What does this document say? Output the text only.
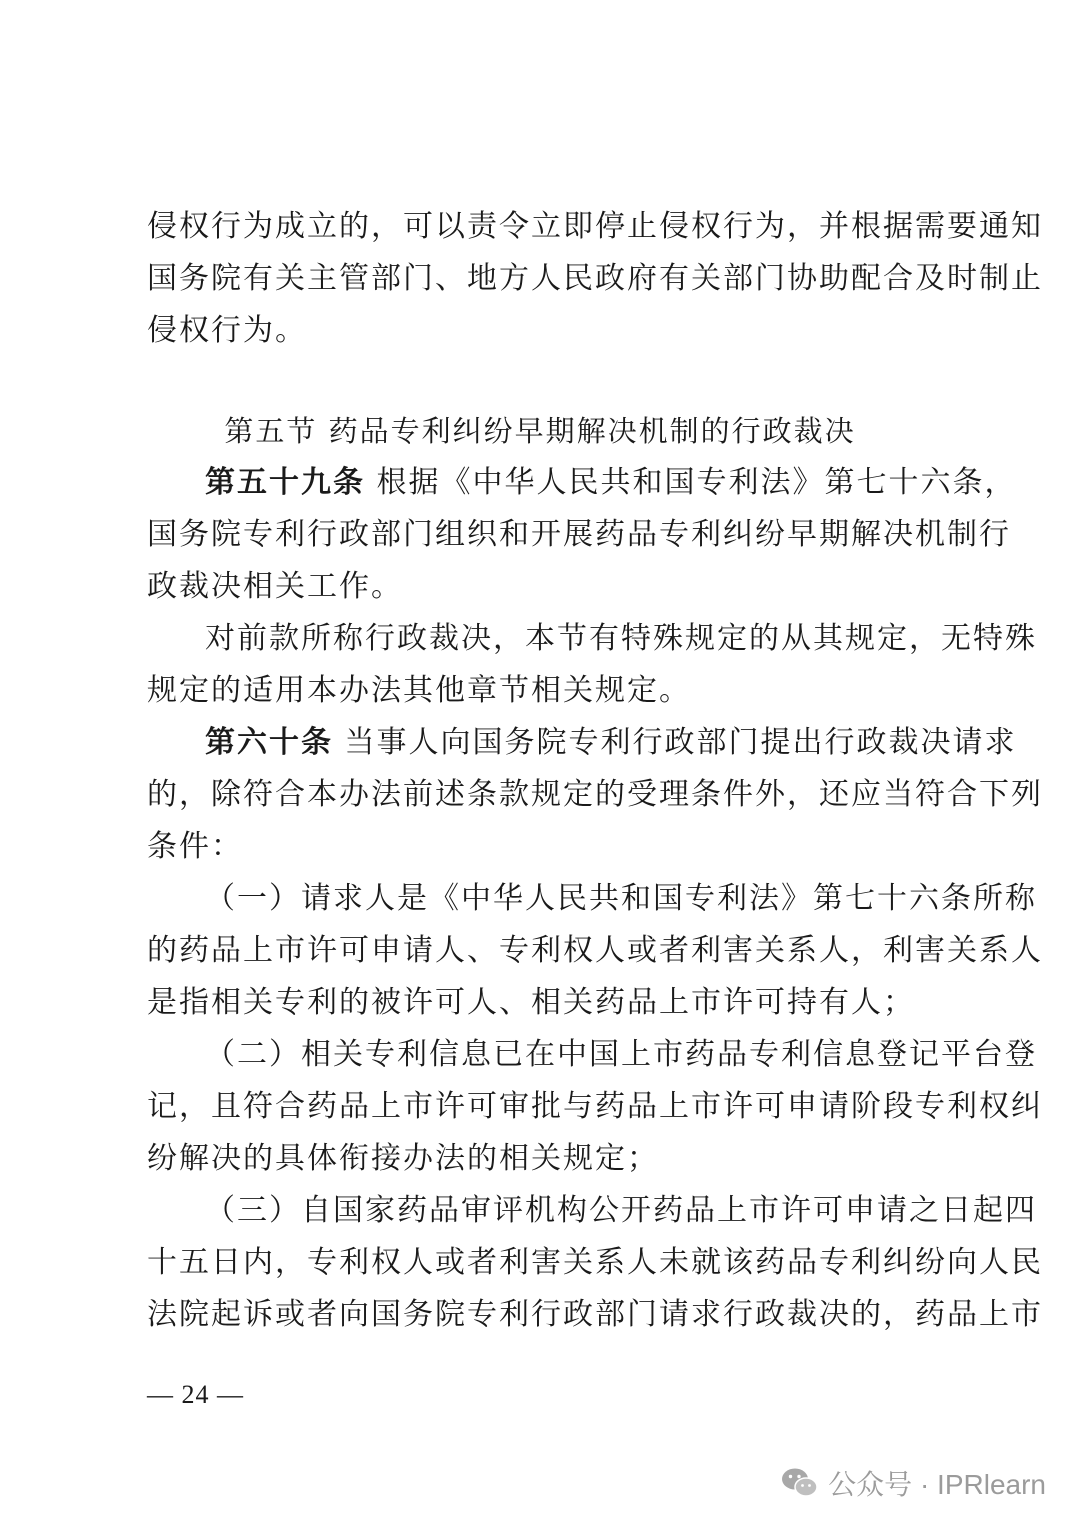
侵权行为成立的，可以责令立即停止侵权行为，并根据需要通知
国务院有关主管部门、地方人民政府有关部门协助配合及时制止
侵权行为。
第五节 药品专利纠纷早期解决机制的行政裁决
第五十九条 根据《中华人民共和国专利法》第七十六条，
国务院专利行政部门组织和开展药品专利纠纷早期解决机制行
政裁决相关工作。
对前款所称行政裁决，本节有特殊规定的从其规定，无特殊
规定的适用本办法其他章节相关规定。
第六十条 当事人向国务院专利行政部门提出行政裁决请求
的，除符合本办法前述条款规定的受理条件外，还应当符合下列
条件：
（一）请求人是《中华人民共和国专利法》第七十六条所称
的药品上市许可申请人、专利权人或者利害关系人，利害关系人
是指相关专利的被许可人、相关药品上市许可持有人；
（二）相关专利信息已在中国上市药品专利信息登记平台登
记，且符合药品上市许可审批与药品上市许可申请阶段专利权纠
纷解决的具体衔接办法的相关规定；
（三）自国家药品审评机构公开药品上市许可申请之日起四
十五日内，专利权人或者利害关系人未就该药品专利纠纷向人民
法院起诉或者向国务院专利行政部门请求行政裁决的，药品上市
— 24 —
公众号 · IPRlearn
